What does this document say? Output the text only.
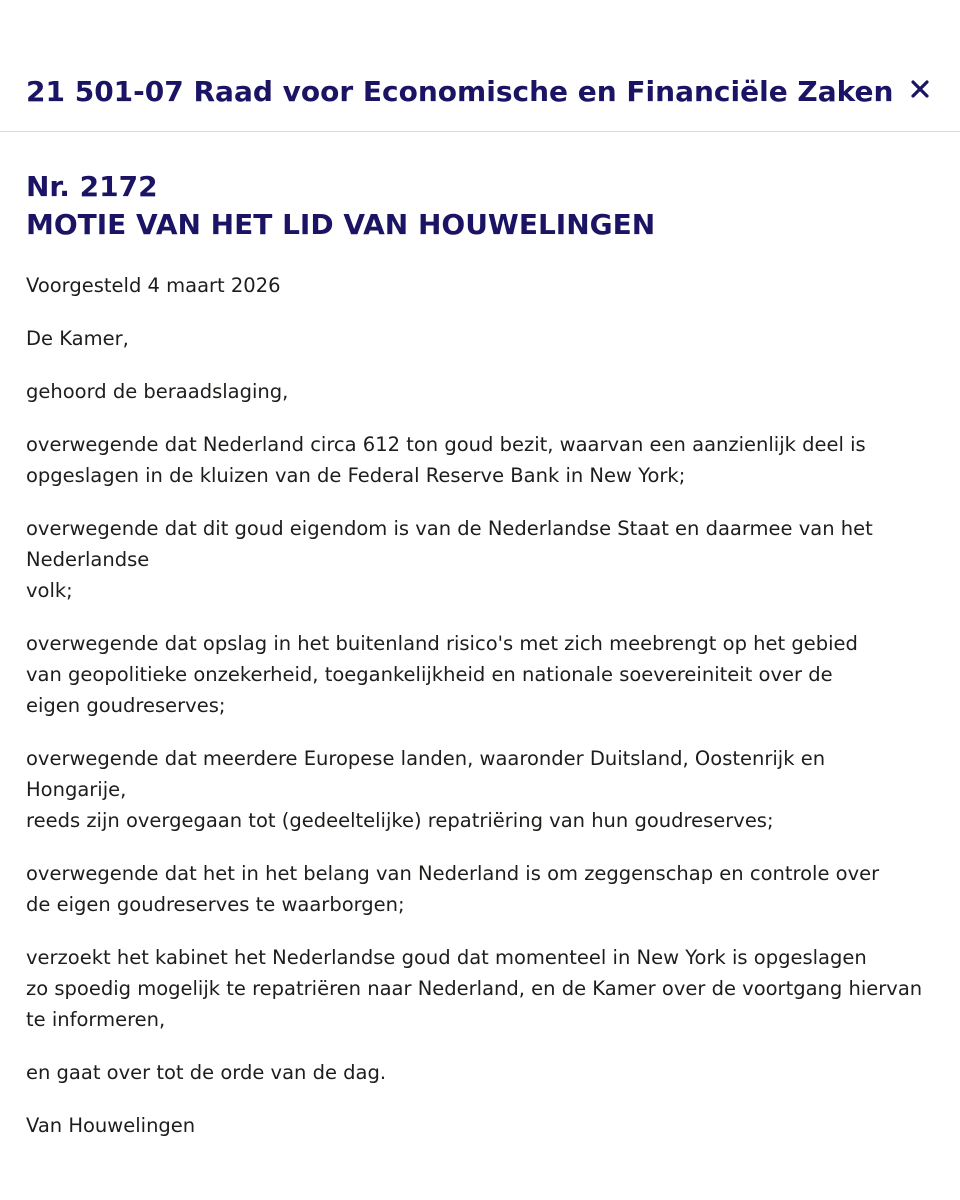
21 501-07 Raad voor Economische en Financiële Zaken
Nr. 2172
MOTIE VAN HET LID VAN HOUWELINGEN

Voorgesteld 4 maart 2026

De Kamer,

gehoord de beraadslaging,

overwegende dat Nederland circa 612 ton goud bezit, waarvan een aanzienlijk deel is
opgeslagen in de kluizen van de Federal Reserve Bank in New York;

overwegende dat dit goud eigendom is van de Nederlandse Staat en daarmee van het
Nederlandse
volk;

overwegende dat opslag in het buitenland risico's met zich meebrengt op het gebied
van geopolitieke onzekerheid, toegankelijkheid en nationale soevereiniteit over de
eigen goudreserves;

overwegende dat meerdere Europese landen, waaronder Duitsland, Oostenrijk en Hongarije,
reeds zijn overgegaan tot (gedeeltelijke) repatriëring van hun goudreserves;

overwegende dat het in het belang van Nederland is om zeggenschap en controle over
de eigen goudreserves te waarborgen;

verzoekt het kabinet het Nederlandse goud dat momenteel in New York is opgeslagen
zo spoedig mogelijk te repatriëren naar Nederland, en de Kamer over de voortgang hiervan
te informeren,

en gaat over tot de orde van de dag.

Van Houwelingen
